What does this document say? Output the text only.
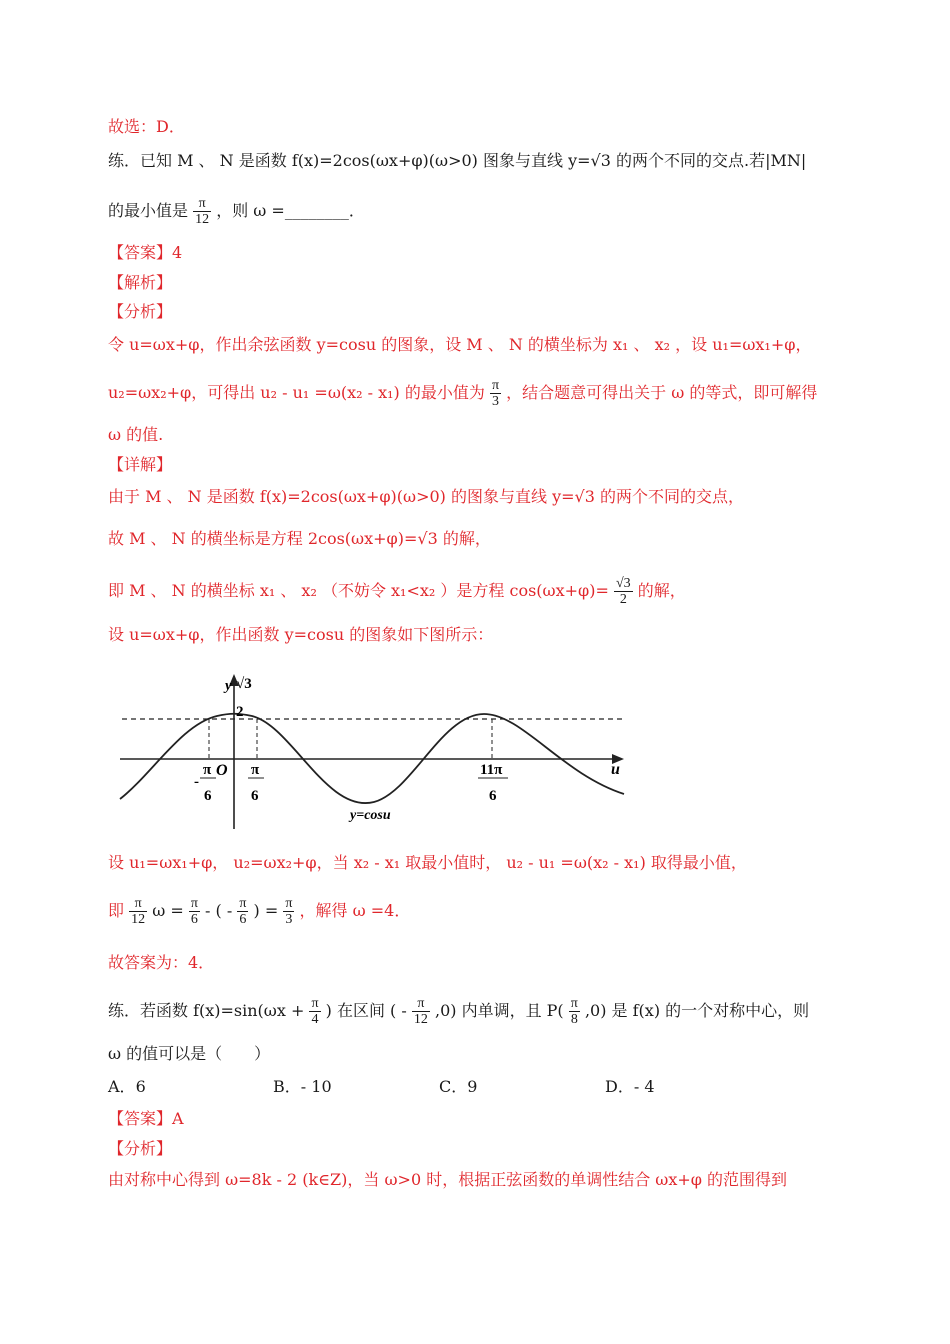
故选：D．
练．已知 M 、 N 是函数 f(x)=2cos(ωx+φ)(ω>0) 图象与直线 y=√3 的两个不同的交点.若|MN|
的最小值是 $\frac{\pi}{12}$ ，则 ω =________．
【答案】4
【解析】
【分析】
令 u=ωx+φ，作出余弦函数 y=cosu 的图象，设 M 、 N 的横坐标为 x₁ 、 x₂ ，设 u₁=ωx₁+φ，
u₂=ωx₂+φ，可得出 u₂ - u₁ =ω(x₂ - x₁) 的最小值为 $\frac{\pi}{3}$ ，结合题意可得出关于 ω 的等式，即可解得
ω 的值.
【详解】
由于 M 、 N 是函数 f(x)=2cos(ωx+φ)(ω>0) 的图象与直线 y=√3 的两个不同的交点，
故 M 、 N 的横坐标是方程 2cos(ωx+φ)=√3 的解，
即 M 、 N 的横坐标 x₁ 、 x₂ （不妨令 x₁<x₂ ）是方程 $\cos(\omega x+\varphi)= \frac{√3}{2}$ 的解，
设 u=ωx+φ，作出函数 y=cosu 的图象如下图所示：
y √3
2
O	u
-
π
6
π
6
11π
6
y=cosu
设 u₁=ωx₁+φ， u₂=ωx₂+φ，当 x₂ - x₁ 取最小值时， u₂ - u₁ =ω(x₂ - x₁) 取得最小值，
即 $\frac{\pi}{12}$ $\omega = \frac{\pi}{6}$ - ( - $\frac{\pi}{6}$ ) = $\frac{\pi}{3}$ ，解得 ω =4．
故答案为：4．
练．若函数 $f(x)=\sin(\omega x + \frac{\pi}{4}$ ) 在区间 ( - $\frac{\pi}{12} ,0$) 内单调，且 $P( \frac{\pi}{8} ,0)$ 是 f(x) 的一个对称中心，则
ω 的值可以是（　　）
A．6	B．- 10	C．9	D．- 4
【答案】A
【分析】
由对称中心得到 ω=8k - 2 (k∈Z)，当 ω>0 时，根据正弦函数的单调性结合 ωx+φ 的范围得到
